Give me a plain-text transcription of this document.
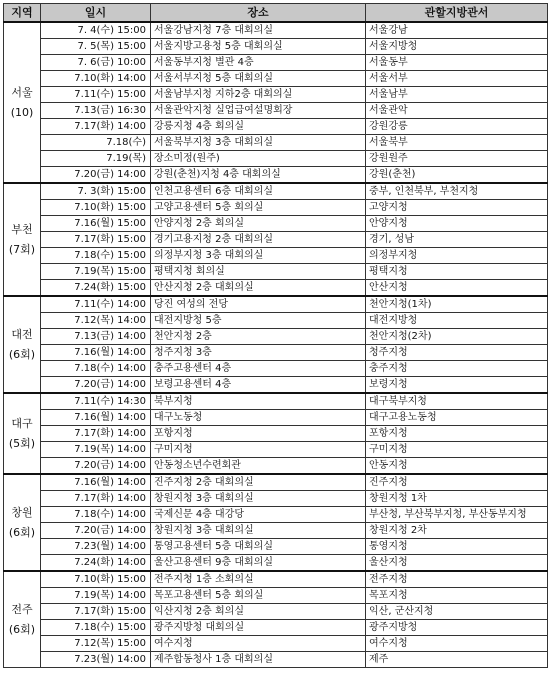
지역	일시	장소	관할지방관서

서울
(10)	7. 4(수) 15:00	서울강남지청 7층 대회의실	서울강남
	7. 5(목) 15:00	서울지방고용청 5층 대회의실	서울지방청
	7. 6(금) 10:00	서울동부지청 별관 4층	서울동부
	7.10(화) 14:00	서울서부지청 5층 대회의실	서울서부
	7.11(수) 15:00	서울남부지청 지하2층 대회의실	서울남부
	7.13(금) 16:30	서울관악지청 실업급여설명회장	서울관악
	7.17(화) 14:00	강릉지청 4층 회의실	강원강릉
	7.18(수)	서울북부지청 3층 대회의실	서울북부
	7.19(목)	장소미정(원주)	강원원주
	7.20(금) 14:00	강원(춘천)지청 4층 대회의실	강원(춘천)

부천
(7회)	7. 3(화) 15:00	인천고용센터 6층 대회의실	중부, 인천북부, 부천지청
	7.10(화) 15:00	고양고용센터 5층 회의실	고양지청
	7.16(월) 15:00	안양지청 2층 회의실	안양지청
	7.17(화) 15:00	경기고용지청 2층 대회의실	경기, 성남
	7.18(수) 15:00	의정부지청 3층 대회의실	의정부지청
	7.19(목) 15:00	평택지청 회의실	평택지청
	7.24(화) 15:00	안산지청 2층 대회의실	안산지청

대전
(6회)	7.11(수) 14:00	당진 여성의 전당	천안지청(1차)
	7.12(목) 14:00	대전지방청 5층	대전지방청
	7.13(금) 14:00	천안지청 2층	천안지청(2차)
	7.16(월) 14:00	청주지청 3층	청주지청
	7.18(수) 14:00	충주고용센터 4층	충주지청
	7.20(금) 14:00	보령고용센터 4층	보령지청

대구
(5회)	7.11(수) 14:30	북부지청	대구북부지청
	7.16(월) 14:00	대구노동청	대구고용노동청
	7.17(화) 14:00	포항지청	포항지청
	7.19(목) 14:00	구미지청	구미지청
	7.20(금) 14:00	안동청소년수련회관	안동지청

창원
(6회)	7.16(월) 14:00	진주지청 2층 대회의실	진주지청
	7.17(화) 14:00	창원지청 3층 대회의실	창원지청 1차
	7.18(수) 14:00	국제신문 4층 대강당	부산청, 부산북부지청, 부산동부지청
	7.20(금) 14:00	창원지청 3층 대회의실	창원지청 2차
	7.23(월) 14:00	통영고용센터 5층 대회의실	통영지청
	7.24(화) 14:00	울산고용센터 9층 대회의실	울산지청

전주
(6회)	7.10(화) 15:00	전주지청 1층 소회의실	전주지청
	7.19(목) 14:00	목포고용센터 5층 회의실	목포지청
	7.17(화) 15:00	익산지청 2층 회의실	익산, 군산지청
	7.18(수) 15:00	광주지방청 대회의실	광주지방청
	7.12(목) 15:00	여수지청	여수지청
	7.23(월) 14:00	제주합동청사 1층 대회의실	제주
